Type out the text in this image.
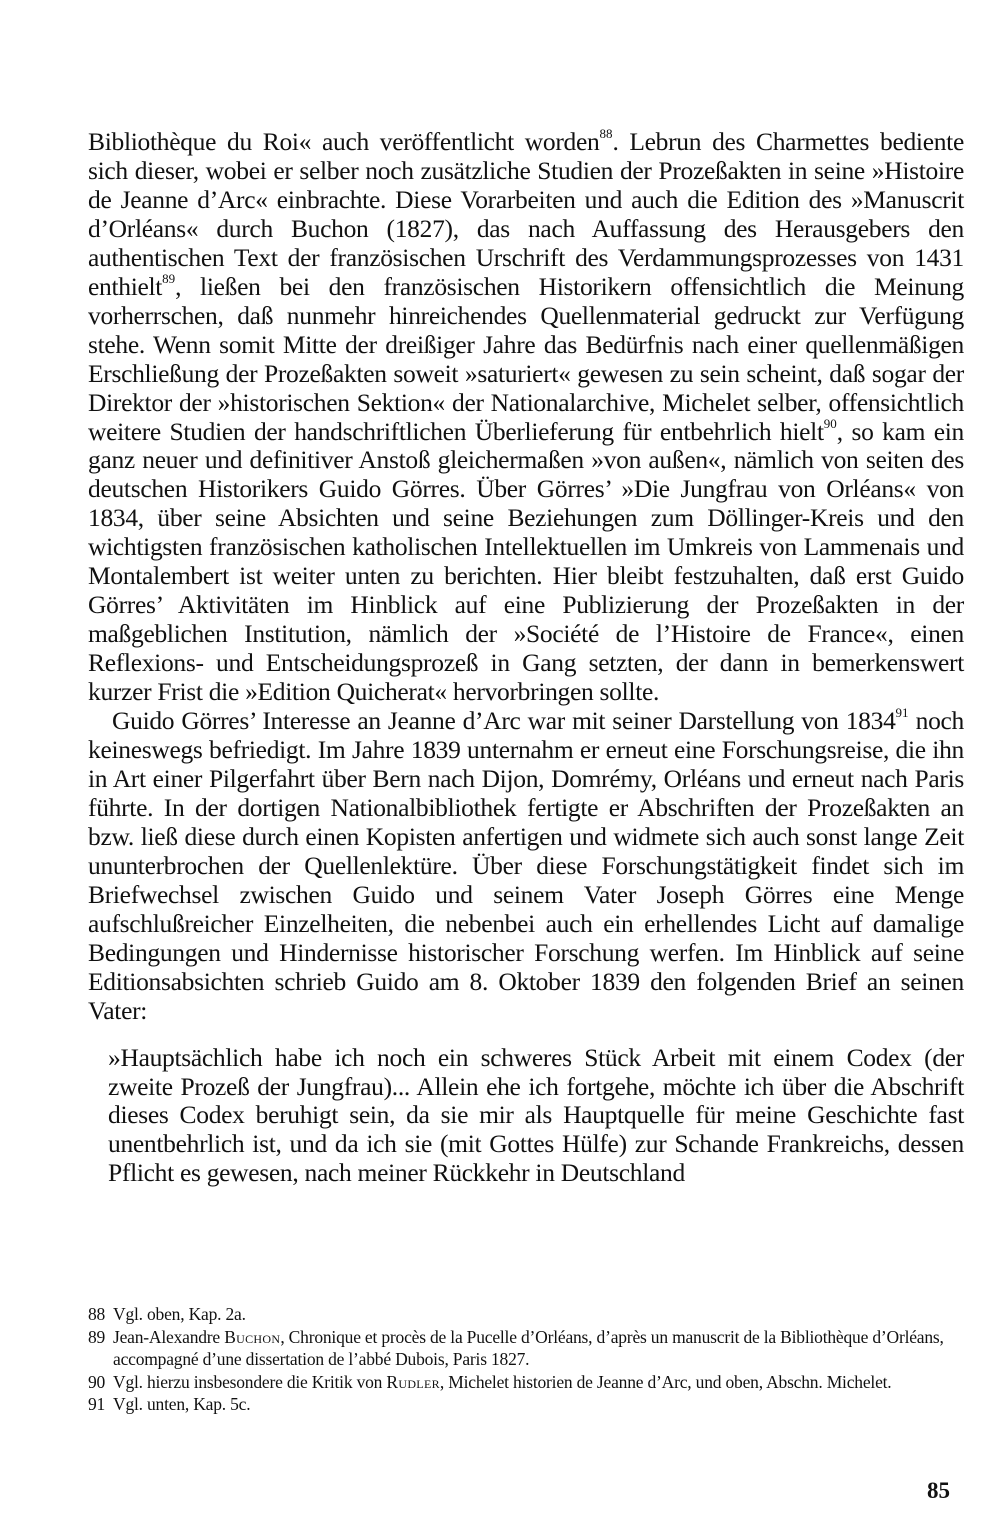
Bibliothèque du Roi« auch veröffentlicht worden$^{88}$. Lebrun des Charmettes bediente sich dieser, wobei er selber noch zusätzliche Studien der Prozeßakten in seine »Histoire de Jeanne d’Arc« einbrachte. Diese Vorarbeiten und auch die Edition des »Manuscrit d’Orléans« durch Buchon (1827), das nach Auffassung des Herausgebers den authentischen Text der französischen Urschrift des Verdammungsprozesses von 1431 enthielt$^{89}$, ließen bei den französischen Historikern offensichtlich die Meinung vorherrschen, daß nunmehr hinreichendes Quellenmaterial gedruckt zur Verfügung stehe. Wenn somit Mitte der dreißiger Jahre das Bedürfnis nach einer quellenmäßigen Erschließung der Prozeßakten soweit »saturiert« gewesen zu sein scheint, daß sogar der Direktor der »historischen Sektion« der Nationalarchive, Michelet selber, offensichtlich weitere Studien der handschriftlichen Überlieferung für entbehrlich hielt$^{90}$, so kam ein ganz neuer und definitiver Anstoß gleichermaßen »von außen«, nämlich von seiten des deutschen Historikers Guido Görres. Über Görres’ »Die Jungfrau von Orléans« von 1834, über seine Absichten und seine Beziehungen zum Döllinger-Kreis und den wichtigsten französischen katholischen Intellektuellen im Umkreis von Lammenais und Montalembert ist weiter unten zu berichten. Hier bleibt festzuhalten, daß erst Guido Görres’ Aktivitäten im Hinblick auf eine Publizierung der Prozeßakten in der maßgeblichen Institution, nämlich der »Société de l’Histoire de France«, einen Reflexions- und Entscheidungsprozeß in Gang setzten, der dann in bemerkenswert kurzer Frist die »Edition Quicherat« hervorbringen sollte.

Guido Görres’ Interesse an Jeanne d’Arc war mit seiner Darstellung von 1834$^{91}$ noch keineswegs befriedigt. Im Jahre 1839 unternahm er erneut eine Forschungsreise, die ihn in Art einer Pilgerfahrt über Bern nach Dijon, Domrémy, Orléans und erneut nach Paris führte. In der dortigen Nationalbibliothek fertigte er Abschriften der Prozeßakten an bzw. ließ diese durch einen Kopisten anfertigen und widmete sich auch sonst lange Zeit ununterbrochen der Quellenlektüre. Über diese Forschungstätigkeit findet sich im Briefwechsel zwischen Guido und seinem Vater Joseph Görres eine Menge aufschlußreicher Einzelheiten, die nebenbei auch ein erhellendes Licht auf damalige Bedingungen und Hindernisse historischer Forschung werfen. Im Hinblick auf seine Editionsabsichten schrieb Guido am 8. Oktober 1839 den folgenden Brief an seinen Vater:

»Hauptsächlich habe ich noch ein schweres Stück Arbeit mit einem Codex (der zweite Prozeß der Jungfrau)... Allein ehe ich fortgehe, möchte ich über die Abschrift dieses Codex beruhigt sein, da sie mir als Hauptquelle für meine Geschichte fast unentbehrlich ist, und da ich sie (mit Gottes Hülfe) zur Schande Frankreichs, dessen Pflicht es gewesen, nach meiner Rückkehr in Deutschland

88 Vgl. oben, Kap. 2a.
89 Jean-Alexandre Buchon, Chronique et procès de la Pucelle d’Orléans, d’après un manuscrit de la Bibliothèque d’Orléans, accompagné d’une dissertation de l’abbé Dubois, Paris 1827.
90 Vgl. hierzu insbesondere die Kritik von Rudler, Michelet historien de Jeanne d’Arc, und oben, Abschn. Michelet.
91 Vgl. unten, Kap. 5c.
85
